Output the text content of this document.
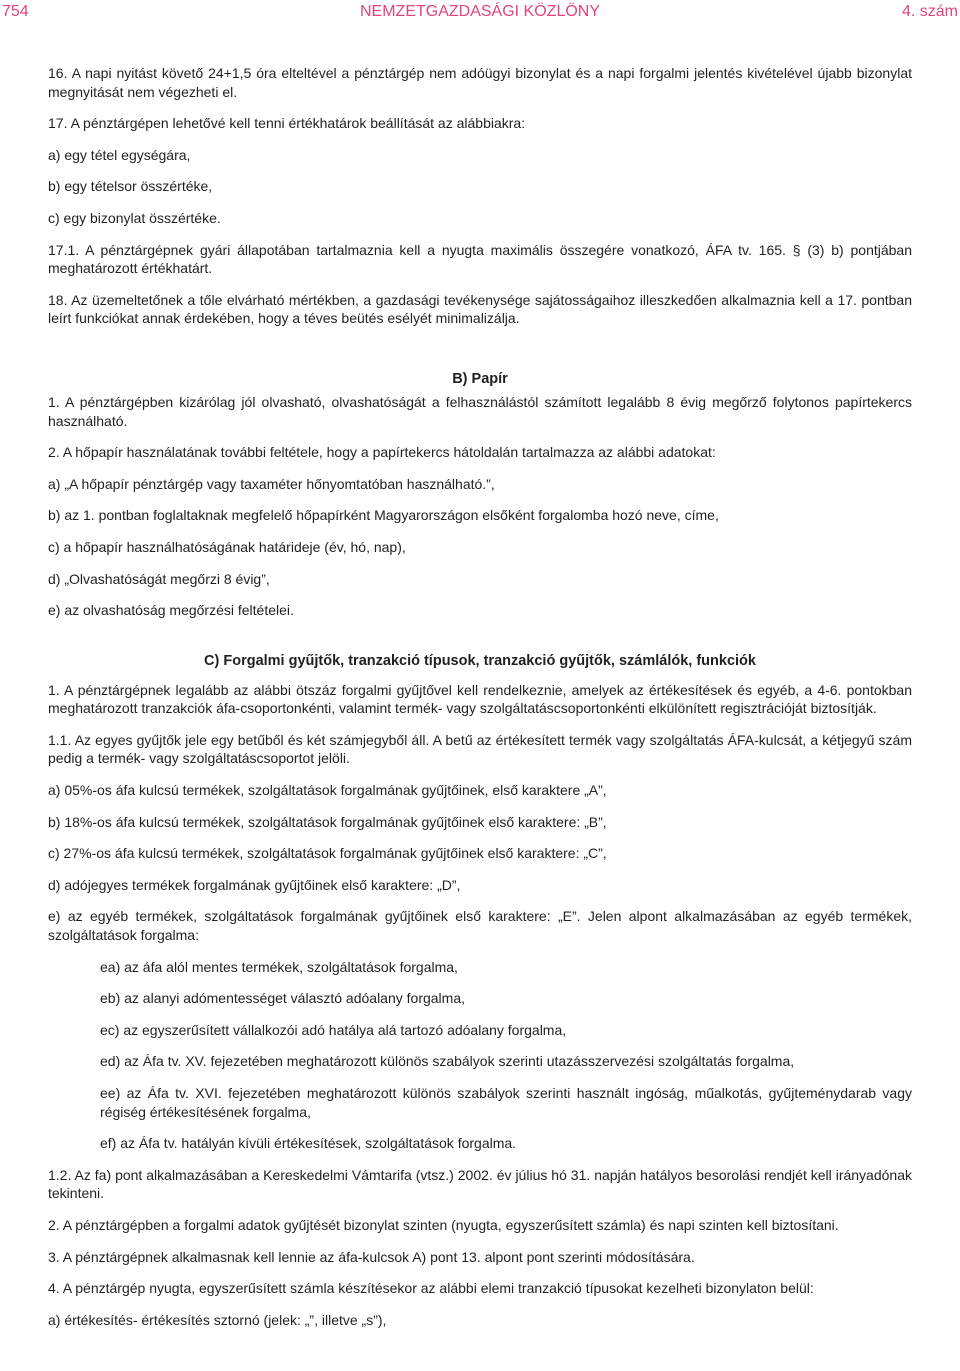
754	NEMZETGAZDASÁGI KÖZLÖNY	4. szám

16. A napi nyitást követő 24+1,5 óra elteltével a pénztárgép nem adóügyi bizonylat és a napi forgalmi jelentés kivételével újabb bizonylat megnyitását nem végezheti el.

17. A pénztárgépen lehetővé kell tenni értékhatárok beállítását az alábbiakra:

a) egy tétel egységára,

b) egy tételsor összértéke,

c) egy bizonylat összértéke.

17.1. A pénztárgépnek gyári állapotában tartalmaznia kell a nyugta maximális összegére vonatkozó, ÁFA tv. 165. § (3) b) pontjában meghatározott értékhatárt.

18. Az üzemeltetőnek a tőle elvárható mértékben, a gazdasági tevékenysége sajátosságaihoz illeszkedően alkalmaznia kell a 17. pontban leírt funkciókat annak érdekében, hogy a téves beütés esélyét minimalizálja.

B) Papír

1. A pénztárgépben kizárólag jól olvasható, olvashatóságát a felhasználástól számított legalább 8 évig megőrző folytonos papírtekercs használható.

2. A hőpapír használatának további feltétele, hogy a papírtekercs hátoldalán tartalmazza az alábbi adatokat:

a) „A hőpapír pénztárgép vagy taxaméter hőnyomtatóban használható.”,

b) az 1. pontban foglaltaknak megfelelő hőpapírként Magyarországon elsőként forgalomba hozó neve, címe,

c) a hőpapír használhatóságának határideje (év, hó, nap),

d) „Olvashatóságát megőrzi 8 évig”,

e) az olvashatóság megőrzési feltételei.

C) Forgalmi gyűjtők, tranzakció típusok, tranzakció gyűjtők, számlálók, funkciók

1. A pénztárgépnek legalább az alábbi ötszáz forgalmi gyűjtővel kell rendelkeznie, amelyek az értékesítések és egyéb, a 4-6. pontokban meghatározott tranzakciók áfa-csoportonkénti, valamint termék- vagy szolgáltatáscsoportonkénti elkülönített regisztrációját biztosítják.

1.1. Az egyes gyűjtők jele egy betűből és két számjegyből áll. A betű az értékesített termék vagy szolgáltatás ÁFA-kulcsát, a kétjegyű szám pedig a termék- vagy szolgáltatáscsoportot jelöli.

a) 05%-os áfa kulcsú termékek, szolgáltatások forgalmának gyűjtőinek, első karaktere „A”,

b) 18%-os áfa kulcsú termékek, szolgáltatások forgalmának gyűjtőinek első karaktere: „B”,

c) 27%-os áfa kulcsú termékek, szolgáltatások forgalmának gyűjtőinek első karaktere: „C”,

d) adójegyes termékek forgalmának gyűjtőinek első karaktere: „D”,

e) az egyéb termékek, szolgáltatások forgalmának gyűjtőinek első karaktere: „E”. Jelen alpont alkalmazásában az egyéb termékek, szolgáltatások forgalma:

ea) az áfa alól mentes termékek, szolgáltatások forgalma,

eb) az alanyi adómentességet választó adóalany forgalma,

ec) az egyszerűsített vállalkozói adó hatálya alá tartozó adóalany forgalma,

ed) az Áfa tv. XV. fejezetében meghatározott különös szabályok szerinti utazásszervezési szolgáltatás forgalma,

ee) az Áfa tv. XVI. fejezetében meghatározott különös szabályok szerinti használt ingóság, műalkotás, gyűjteménydarab vagy régiség értékesítésének forgalma,

ef) az Áfa tv. hatályán kívüli értékesítések, szolgáltatások forgalma.

1.2. Az fa) pont alkalmazásában a Kereskedelmi Vámtarifa (vtsz.) 2002. év július hó 31. napján hatályos besorolási rendjét kell irányadónak tekinteni.

2. A pénztárgépben a forgalmi adatok gyűjtését bizonylat szinten (nyugta, egyszerűsített számla) és napi szinten kell biztosítani.

3. A pénztárgépnek alkalmasnak kell lennie az áfa-kulcsok A) pont 13. alpont pont szerinti módosítására.

4. A pénztárgép nyugta, egyszerűsített számla készítésekor az alábbi elemi tranzakció típusokat kezelheti bizonylaton belül:

a) értékesítés- értékesítés sztornó (jelek: „”, illetve „s”),
